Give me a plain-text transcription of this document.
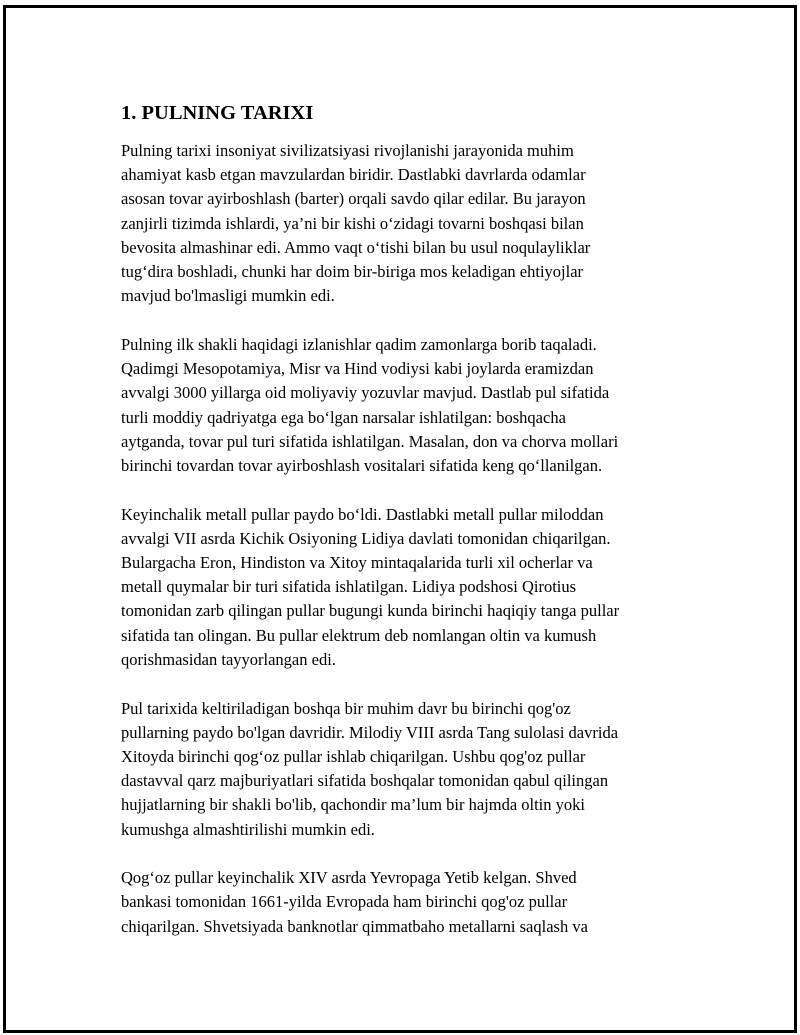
1. PULNING TARIXI

Pulning tarixi insoniyat sivilizatsiyasi rivojlanishi jarayonida muhim
ahamiyat kasb etgan mavzulardan biridir. Dastlabki davrlarda odamlar
asosan tovar ayirboshlash (barter) orqali savdo qilar edilar. Bu jarayon
zanjirli tizimda ishlardi, ya’ni bir kishi o‘zidagi tovarni boshqasi bilan
bevosita almashinar edi. Ammo vaqt o‘tishi bilan bu usul noqulayliklar
tug‘dira boshladi, chunki har doim bir-biriga mos keladigan ehtiyojlar
mavjud bo'lmasligi mumkin edi.

Pulning ilk shakli haqidagi izlanishlar qadim zamonlarga borib taqaladi.
Qadimgi Mesopotamiya, Misr va Hind vodiysi kabi joylarda eramizdan
avvalgi 3000 yillarga oid moliyaviy yozuvlar mavjud. Dastlab pul sifatida
turli moddiy qadriyatga ega bo‘lgan narsalar ishlatilgan: boshqacha
aytganda, tovar pul turi sifatida ishlatilgan. Masalan, don va chorva mollari
birinchi tovardan tovar ayirboshlash vositalari sifatida keng qo‘llanilgan.

Keyinchalik metall pullar paydo bo‘ldi. Dastlabki metall pullar miloddan
avvalgi VII asrda Kichik Osiyoning Lidiya davlati tomonidan chiqarilgan.
Bulargacha Eron, Hindiston va Xitoy mintaqalarida turli xil ocherlar va
metall quymalar bir turi sifatida ishlatilgan. Lidiya podshosi Qirotius
tomonidan zarb qilingan pullar bugungi kunda birinchi haqiqiy tanga pullar
sifatida tan olingan. Bu pullar elektrum deb nomlangan oltin va kumush
qorishmasidan tayyorlangan edi.

Pul tarixida keltiriladigan boshqa bir muhim davr bu birinchi qog'oz
pullarning paydo bo'lgan davridir. Milodiy VIII asrda Tang sulolasi davrida
Xitoyda birinchi qog‘oz pullar ishlab chiqarilgan. Ushbu qog'oz pullar
dastavval qarz majburiyatlari sifatida boshqalar tomonidan qabul qilingan
hujjatlarning bir shakli bo'lib, qachondir ma’lum bir hajmda oltin yoki
kumushga almashtirilishi mumkin edi.

Qog‘oz pullar keyinchalik XIV asrda Yevropaga Yetib kelgan. Shved
bankasi tomonidan 1661-yilda Evropada ham birinchi qog'oz pullar
chiqarilgan. Shvetsiyada banknotlar qimmatbaho metallarni saqlash va
